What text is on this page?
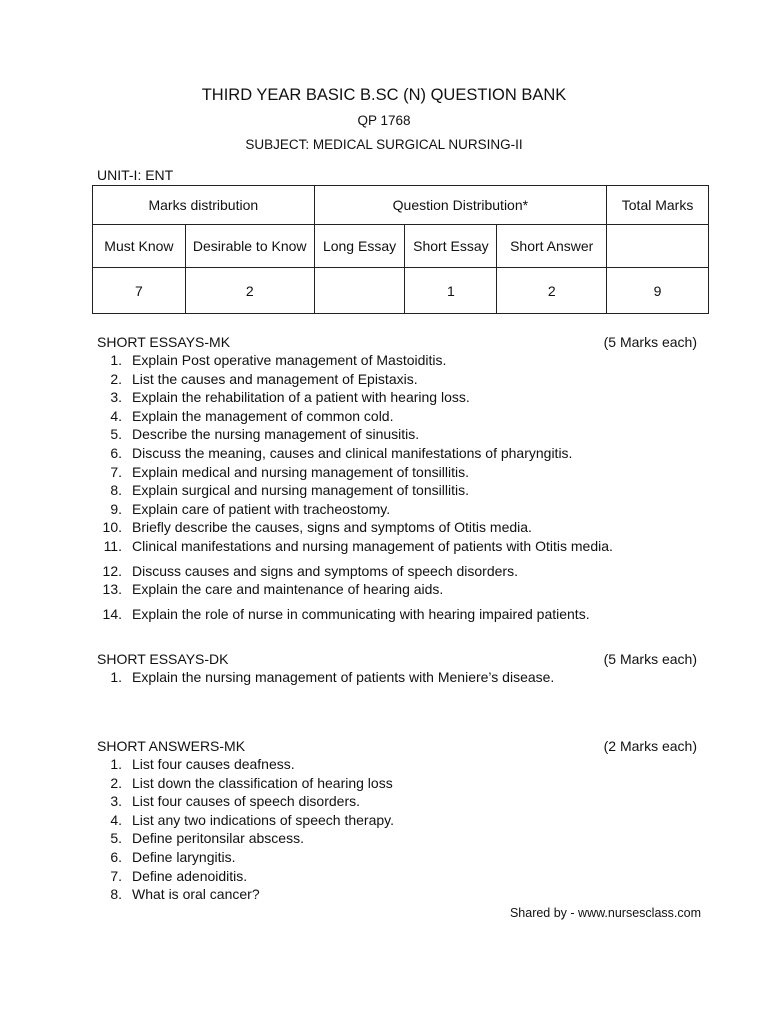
THIRD YEAR BASIC B.SC (N) QUESTION BANK
QP 1768
SUBJECT: MEDICAL SURGICAL NURSING-II
UNIT-I: ENT
Marks distribution		Question Distribution*			Total Marks
Must Know	Desirable to Know	Long Essay	Short Essay	Short Answer	
7	2		1	2	9
SHORT ESSAYS-MK	(5 Marks each)
1. Explain Post operative management of Mastoiditis.
2. List the causes and management of Epistaxis.
3. Explain the rehabilitation of a patient with hearing loss.
4. Explain the management of common cold.
5. Describe the nursing management of sinusitis.
6. Discuss the meaning, causes and clinical manifestations of pharyngitis.
7. Explain medical and nursing management of tonsillitis.
8. Explain surgical and nursing management of tonsillitis.
9. Explain care of patient with tracheostomy.
10. Briefly describe the causes, signs and symptoms of Otitis media.
11. Clinical manifestations and nursing management of patients with Otitis media.
12. Discuss causes and signs and symptoms of speech disorders.
13. Explain the care and maintenance of hearing aids.
14. Explain the role of nurse in communicating with hearing impaired patients.
SHORT ESSAYS-DK	(5 Marks each)
1. Explain the nursing management of patients with Meniere’s disease.
SHORT ANSWERS-MK	(2 Marks each)
1. List four causes deafness.
2. List down the classification of hearing loss
3. List four causes of speech disorders.
4. List any two indications of speech therapy.
5. Define peritonsilar abscess.
6. Define laryngitis.
7. Define adenoiditis.
8. What is oral cancer?
Shared by - www.nursesclass.com
